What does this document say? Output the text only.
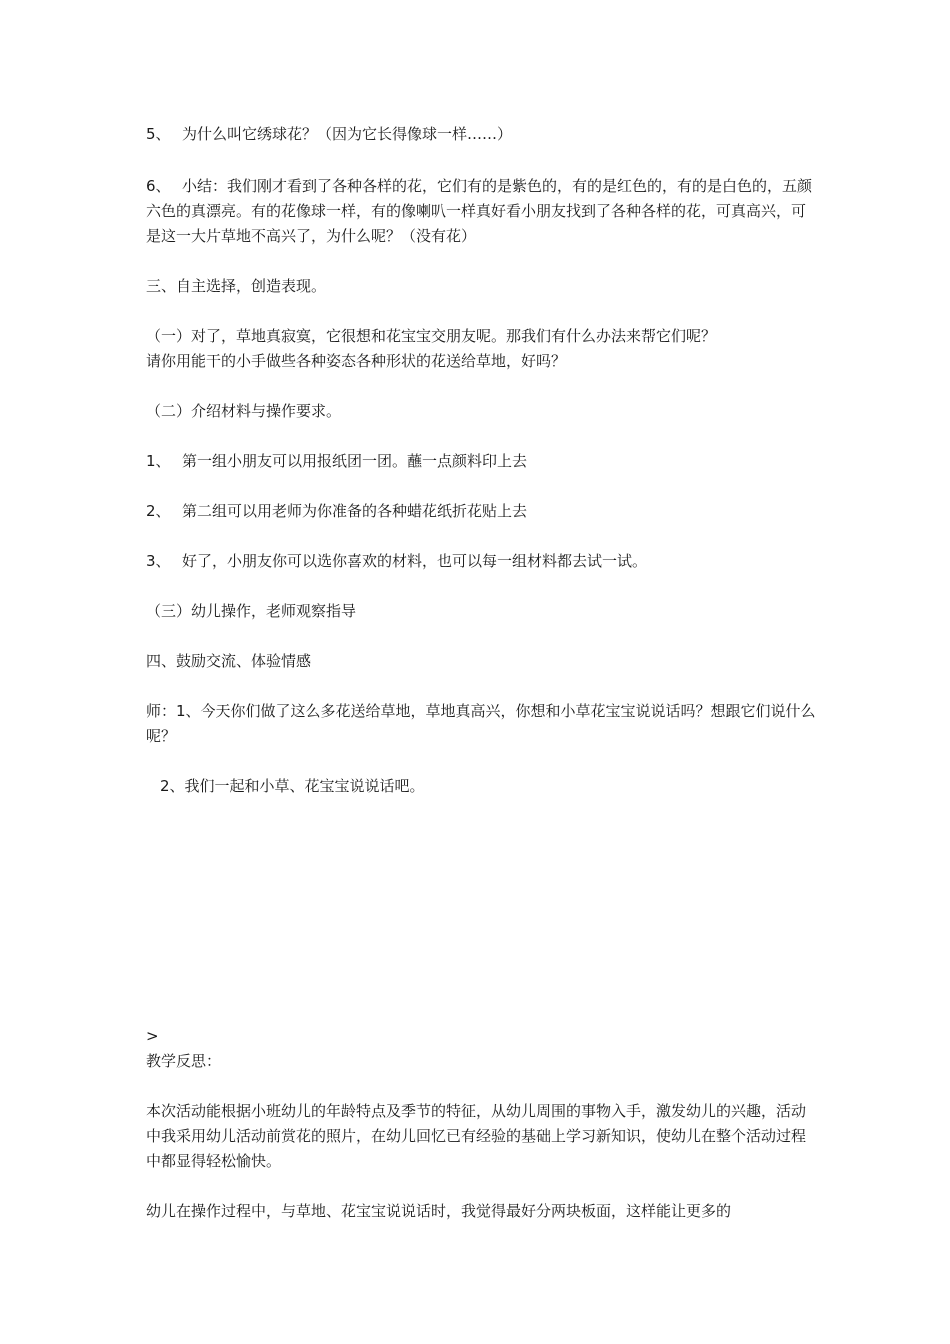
5、 为什么叫它绣球花？（因为它长得像球一样……）

6、 小结：我们刚才看到了各种各样的花，它们有的是紫色的，有的是红色的，有的是白色的，五颜六色的真漂亮。有的花像球一样，有的像喇叭一样真好看小朋友找到了各种各样的花，可真高兴，可是这一大片草地不高兴了，为什么呢？（没有花）

三、自主选择，创造表现。

（一）对了，草地真寂寞，它很想和花宝宝交朋友呢。那我们有什么办法来帮它们呢？

请你用能干的小手做些各种姿态各种形状的花送给草地，好吗？

（二）介绍材料与操作要求。

1、 第一组小朋友可以用报纸团一团。蘸一点颜料印上去

2、 第二组可以用老师为你准备的各种蜡花纸折花贴上去

3、 好了，小朋友你可以选你喜欢的材料，也可以每一组材料都去试一试。

（三）幼儿操作，老师观察指导

四、鼓励交流、体验情感

师：1、今天你们做了这么多花送给草地，草地真高兴，你想和小草花宝宝说说话吗？想跟它们说什么呢？

2、我们一起和小草、花宝宝说说话吧。

>

教学反思：

本次活动能根据小班幼儿的年龄特点及季节的特征，从幼儿周围的事物入手，激发幼儿的兴趣，活动中我采用幼儿活动前赏花的照片，在幼儿回忆已有经验的基础上学习新知识，使幼儿在整个活动过程中都显得轻松愉快。

幼儿在操作过程中，与草地、花宝宝说说话时，我觉得最好分两块板面，这样能让更多的
